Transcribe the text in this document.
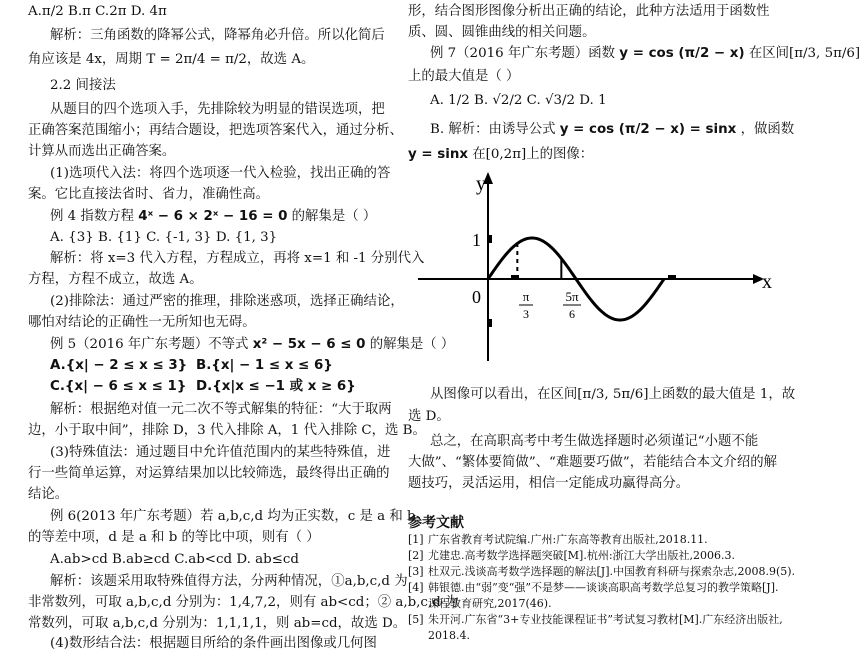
A.π/2 B.π C.2π D. 4π
解析：三角函数的降幂公式，降幂角必升倍。所以化简后
角应该是 4x，周期 T = 2π/4 = π/2，故选 A。
2.2 间接法
从题目的四个选项入手，先排除较为明显的错误选项，把
正确答案范围缩小；再结合题设，把选项答案代入，通过分析、
计算从而选出正确答案。
(1)选项代入法：将四个选项逐一代入检验，找出正确的答
案。它比直接法省时、省力，准确性高。
例 4 指数方程 4ˣ − 6 × 2ˣ − 16 = 0 的解集是（ ）
A. {3} B. {1} C. {-1, 3} D. {1, 3}
解析：将 x=3 代入方程，方程成立，再将 x=1 和 -1 分别代入
方程，方程不成立，故选 A。
(2)排除法：通过严密的推理，排除迷惑项，选择正确结论，
哪怕对结论的正确性一无所知也无碍。
例 5（2016 年广东考题）不等式 x² − 5x − 6 ≤ 0 的解集是（ ）
A.{x| − 2 ≤ x ≤ 3} B.{x| − 1 ≤ x ≤ 6}
C.{x| − 6 ≤ x ≤ 1} D.{x|x ≤ −1 或 x ≥ 6}
解析：根据绝对值一元二次不等式解集的特征：“大于取两
边，小于取中间”，排除 D，3 代入排除 A，1 代入排除 C，选 B。
(3)特殊值法：通过题目中允许值范围内的某些特殊值，进
行一些简单运算，对运算结果加以比较筛选，最终得出正确的
结论。
例 6(2013 年广东考题）若 a,b,c,d 均为正实数，c 是 a 和 b
的等差中项，d 是 a 和 b 的等比中项，则有（ ）
A.ab>cd B.ab≥cd C.ab<cd D. ab≤cd
解析：该题采用取特殊值得方法，分两种情况，①a,b,c,d 为
非常数列，可取 a,b,c,d 分别为：1,4,7,2，则有 ab<cd；② a,b,c,d 为
常数列，可取 a,b,c,d 分别为：1,1,1,1，则 ab=cd，故选 D。
(4)数形结合法：根据题目所给的条件画出图像或几何图
形，结合图形图像分析出正确的结论，此种方法适用于函数性
质、圆、圆锥曲线的相关问题。
例 7（2016 年广东考题）函数 y = cos (π/2 − x) 在区间[π/3, 5π/6]
上的最大值是（ ）
A. 1/2 B. √2/2 C. √3/2 D. 1
B. 解析：由诱导公式 y = cos (π/2 − x) = sinx ，做函数
y = sinx 在[0,2π]上的图像：
y
x
0
1
π
3
5π
6
从图像可以看出，在区间[π/3, 5π/6]上函数的最大值是 1，故
选 D。
总之，在高职高考中考生做选择题时必须谨记“小题不能
大做”、“繁体要简做”、“难题要巧做”，若能结合本文介绍的解
题技巧，灵活运用，相信一定能成功赢得高分。
参考文献
[1] 广东省教育考试院编.广州:广东高等教育出版社,2018.11.
[2] 尤建忠.高考数学选择题突破[M].杭州:浙江大学出版社,2006.3.
[3] 杜双元.浅谈高考数学选择题的解法[J].中国教育科研与探索杂志,2008.9(5).
[4] 韩银德.由“弱”变“强”不是梦——谈谈高职高考数学总复习的教学策略[J].
课程教育研究,2017(46).
[5] 朱开河.广东省“3+专业技能课程证书”考试复习教材[M].广东经济出版社,
2018.4.
